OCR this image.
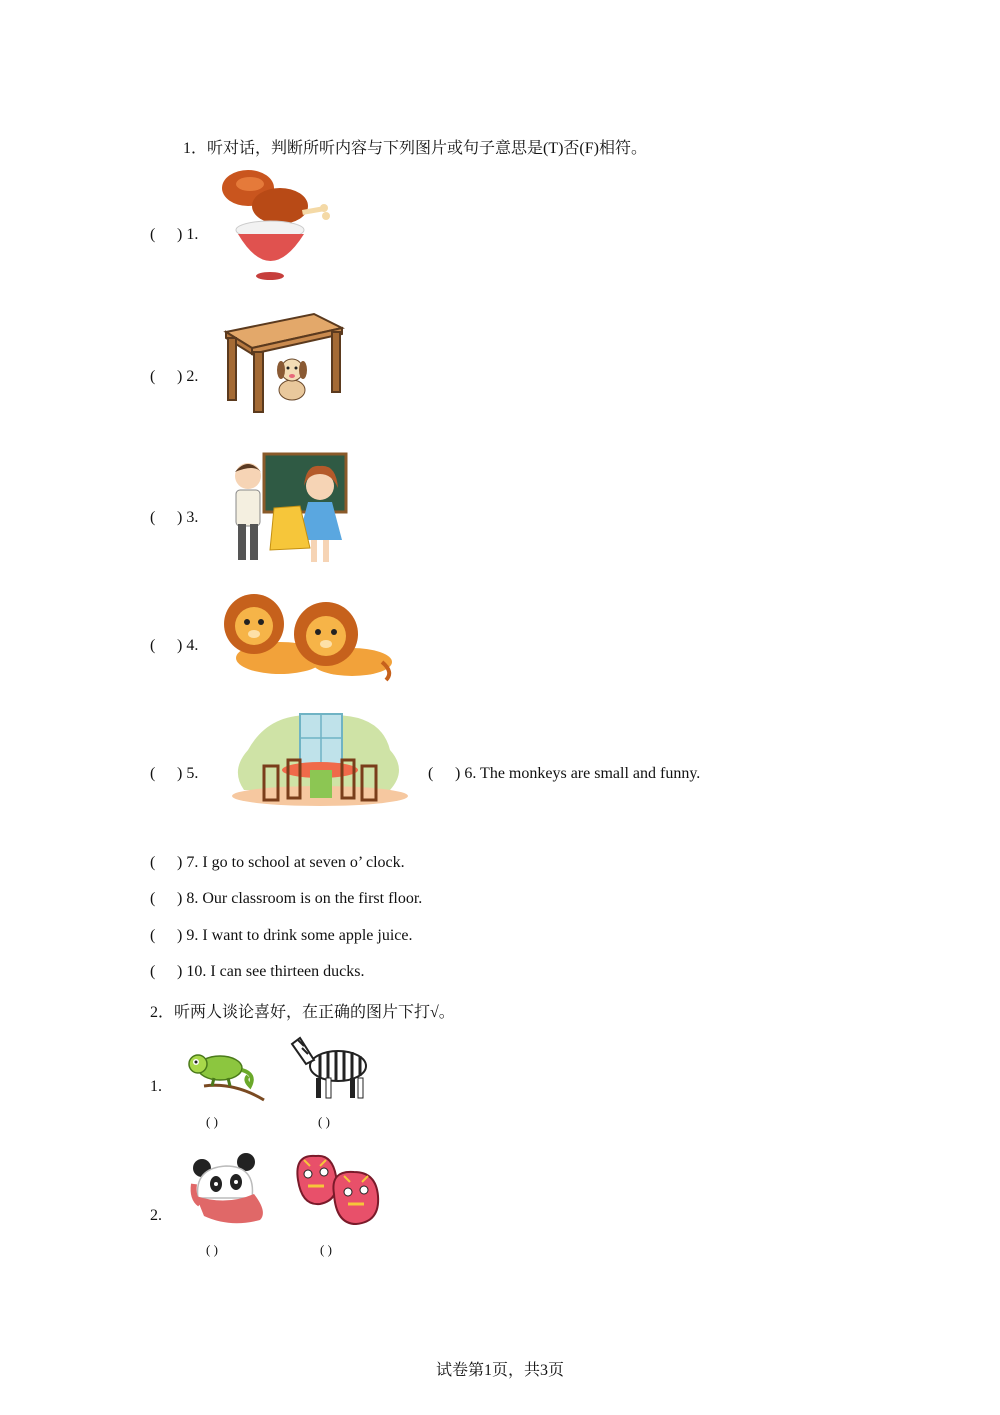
1．听对话，判断所听内容与下列图片或句子意思是(T)否(F)相符。
( ) 1.
( ) 2.
( ) 3.
( ) 4.
( ) 5.	( ) 6. The monkeys are small and funny.
( ) 7. I go to school at seven o’ clock.
( ) 8. Our classroom is on the first floor.
( ) 9. I want to drink some apple juice.
( ) 10. I can see thirteen ducks.
2．听两人谈论喜好，在正确的图片下打√。
1.
( )	( )
2.
( )	( )
试卷第1页，共3页
